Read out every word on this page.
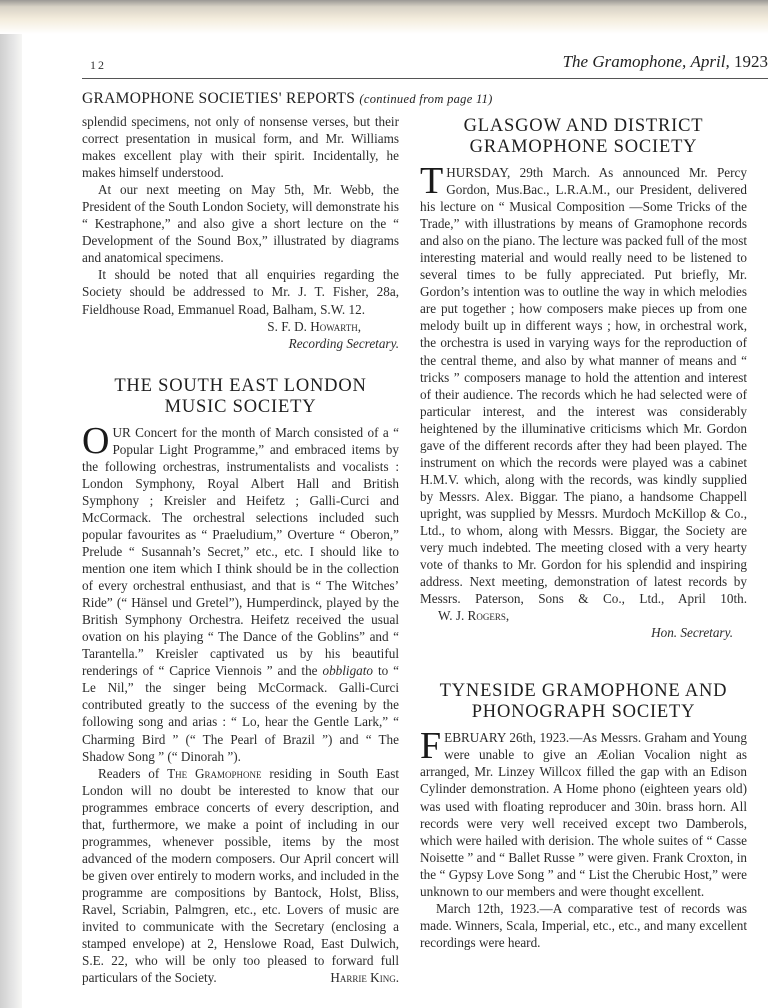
12	The Gramophone, April, 1923
GRAMOPHONE SOCIETIES' REPORTS (continued from page 11)

splendid specimens, not only of nonsense verses, but their correct presentation in musical form, and Mr. Williams makes excellent play with their spirit. Incidentally, he makes himself understood.

At our next meeting on May 5th, Mr. Webb, the President of the South London Society, will demonstrate his “ Kestraphone,” and also give a short lecture on the “ Development of the Sound Box,” illustrated by diagrams and anatomical specimens.

It should be noted that all enquiries regarding the Society should be addressed to Mr. J. T. Fisher, 28a, Fieldhouse Road, Emmanuel Road, Balham, S.W. 12.

S. F. D. Howarth,

Recording Secretary.

THE SOUTH EAST LONDON
MUSIC SOCIETY

OUR Concert for the month of March consisted of a “ Popular Light Programme,” and embraced items by the following orchestras, instrumentalists and vocalists : London Symphony, Royal Albert Hall and British Symphony ; Kreisler and Heifetz ; Galli-Curci and McCormack. The orchestral selections included such popular favourites as “ Praeludium,” Overture “ Oberon,” Prelude “ Susannah’s Secret,” etc., etc. I should like to mention one item which I think should be in the collection of every orchestral enthusiast, and that is “ The Witches’ Ride” (“ Hänsel und Gretel”), Humperdinck, played by the British Symphony Orchestra. Heifetz received the usual ovation on his playing “ The Dance of the Goblins” and “ Tarantella.” Kreisler captivated us by his beautiful renderings of “ Caprice Viennois ” and the obbligato to “ Le Nil,” the singer being McCormack. Galli-Curci contributed greatly to the success of the evening by the following song and arias : “ Lo, hear the Gentle Lark,” “ Charming Bird ” (“ The Pearl of Brazil ”) and “ The Shadow Song ” (“ Dinorah ”).

Readers of The Gramophone residing in South East London will no doubt be interested to know that our programmes embrace concerts of every description, and that, furthermore, we make a point of including in our programmes, whenever possible, items by the most advanced of the modern composers. Our April concert will be given over entirely to modern works, and included in the programme are compositions by Bantock, Holst, Bliss, Ravel, Scriabin, Palmgren, etc., etc. Lovers of music are invited to communicate with the Secretary (enclosing a stamped envelope) at 2, Henslowe Road, East Dulwich, S.E. 22, who will be only too pleased to forward full particulars of the Society.	Harrie King.

GLASGOW AND DISTRICT
GRAMOPHONE SOCIETY

THURSDAY, 29th March. As announced Mr. Percy Gordon, Mus.Bac., L.R.A.M., our President, delivered his lecture on “ Musical Composition —Some Tricks of the Trade,” with illustrations by means of Gramophone records and also on the piano. The lecture was packed full of the most interesting material and would really need to be listened to several times to be fully appreciated. Put briefly, Mr. Gordon’s intention was to outline the way in which melodies are put together ; how composers make pieces up from one melody built up in different ways ; how, in orchestral work, the orchestra is used in varying ways for the reproduction of the central theme, and also by what manner of means and “ tricks ” composers manage to hold the attention and interest of their audience. The records which he had selected were of particular interest, and the interest was considerably heightened by the illuminative criticisms which Mr. Gordon gave of the different records after they had been played. The instrument on which the records were played was a cabinet H.M.V. which, along with the records, was kindly supplied by Messrs. Alex. Biggar. The piano, a handsome Chappell upright, was supplied by Messrs. Murdoch McKillop & Co., Ltd., to whom, along with Messrs. Biggar, the Society are very much indebted. The meeting closed with a very hearty vote of thanks to Mr. Gordon for his splendid and inspiring address. Next meeting, demonstration of latest records by Messrs. Paterson, Sons & Co., Ltd., April 10th.W. J. Rogers,

Hon. Secretary.

TYNESIDE GRAMOPHONE AND
PHONOGRAPH SOCIETY

FEBRUARY 26th, 1923.—As Messrs. Graham and Young were unable to give an Æolian Vocalion night as arranged, Mr. Linzey Willcox filled the gap with an Edison Cylinder demonstration. A Home phono (eighteen years old) was used with floating reproducer and 30in. brass horn. All records were very well received except two Damberols, which were hailed with derision. The whole suites of “ Casse Noisette ” and “ Ballet Russe ” were given. Frank Croxton, in the “ Gypsy Love Song ” and “ List the Cherubic Host,” were unknown to our members and were thought excellent.

March 12th, 1923.—A comparative test of records was made. Winners, Scala, Imperial, etc., etc., and many excellent recordings were heard.
